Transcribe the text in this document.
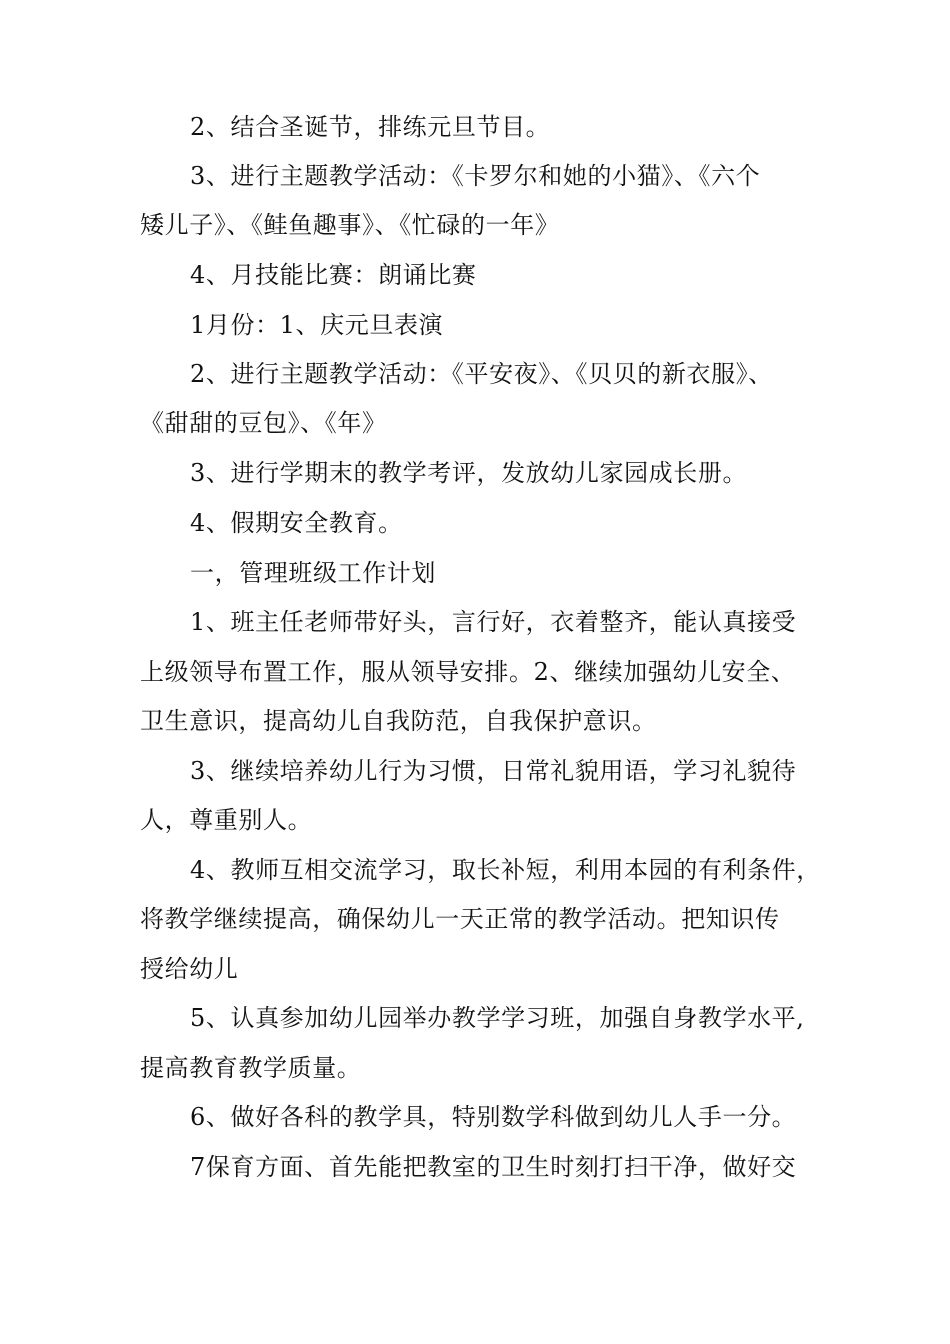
2、结合圣诞节，排练元旦节目。
3、进行主题教学活动：《卡罗尔和她的小猫》、《六个
矮儿子》、《鲑鱼趣事》、《忙碌的一年》
4、月技能比赛：朗诵比赛
1月份：1、庆元旦表演
2、进行主题教学活动：《平安夜》、《贝贝的新衣服》、
《甜甜的豆包》、《年》
3、进行学期末的教学考评，发放幼儿家园成长册。
4、假期安全教育。
一，管理班级工作计划
1、班主任老师带好头，言行好，衣着整齐，能认真接受
上级领导布置工作，服从领导安排。2、继续加强幼儿安全、
卫生意识，提高幼儿自我防范，自我保护意识。
3、继续培养幼儿行为习惯，日常礼貌用语，学习礼貌待
人，尊重别人。
4、教师互相交流学习，取长补短，利用本园的有利条件，
将教学继续提高，确保幼儿一天正常的教学活动。把知识传
授给幼儿
5、认真参加幼儿园举办教学学习班，加强自身教学水平,
提高教育教学质量。
6、做好各科的教学具，特别数学科做到幼儿人手一分。
7保育方面、首先能把教室的卫生时刻打扫干净，做好交
